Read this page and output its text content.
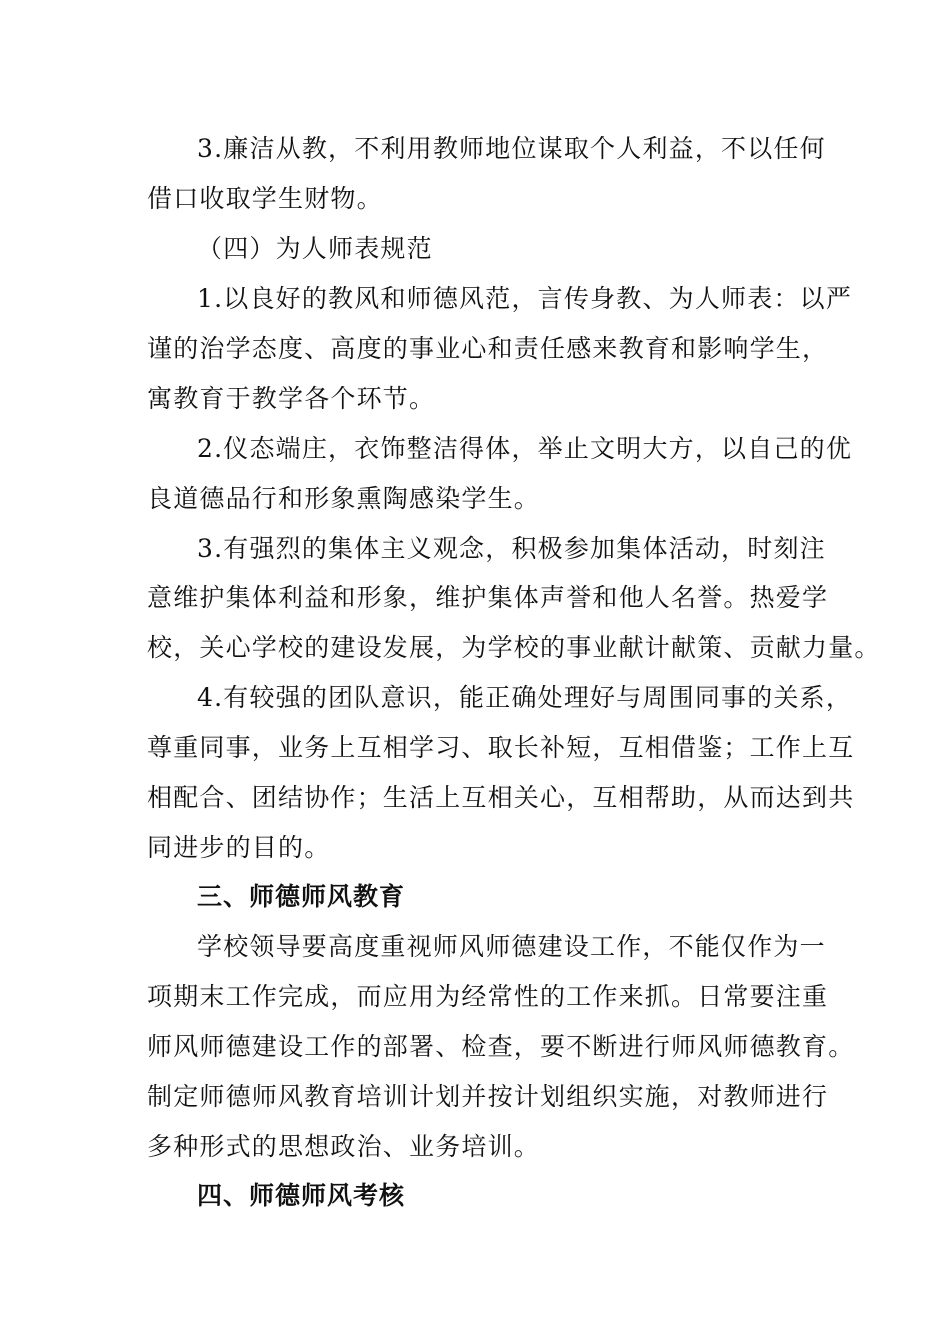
3.廉洁从教，不利用教师地位谋取个人利益，不以任何
借口收取学生财物。
（四）为人师表规范
1.以良好的教风和师德风范，言传身教、为人师表：以严
谨的治学态度、高度的事业心和责任感来教育和影响学生，
寓教育于教学各个环节。
2.仪态端庄，衣饰整洁得体，举止文明大方，以自己的优
良道德品行和形象熏陶感染学生。
3.有强烈的集体主义观念，积极参加集体活动，时刻注
意维护集体利益和形象，维护集体声誉和他人名誉。热爱学
校，关心学校的建设发展，为学校的事业献计献策、贡献力量。
4.有较强的团队意识，能正确处理好与周围同事的关系，
尊重同事，业务上互相学习、取长补短，互相借鉴；工作上互
相配合、团结协作；生活上互相关心，互相帮助，从而达到共
同进步的目的。
三、师德师风教育
学校领导要高度重视师风师德建设工作，不能仅作为一
项期末工作完成，而应用为经常性的工作来抓。日常要注重
师风师德建设工作的部署、检查，要不断进行师风师德教育。
制定师德师风教育培训计划并按计划组织实施，对教师进行
多种形式的思想政治、业务培训。
四、师德师风考核
